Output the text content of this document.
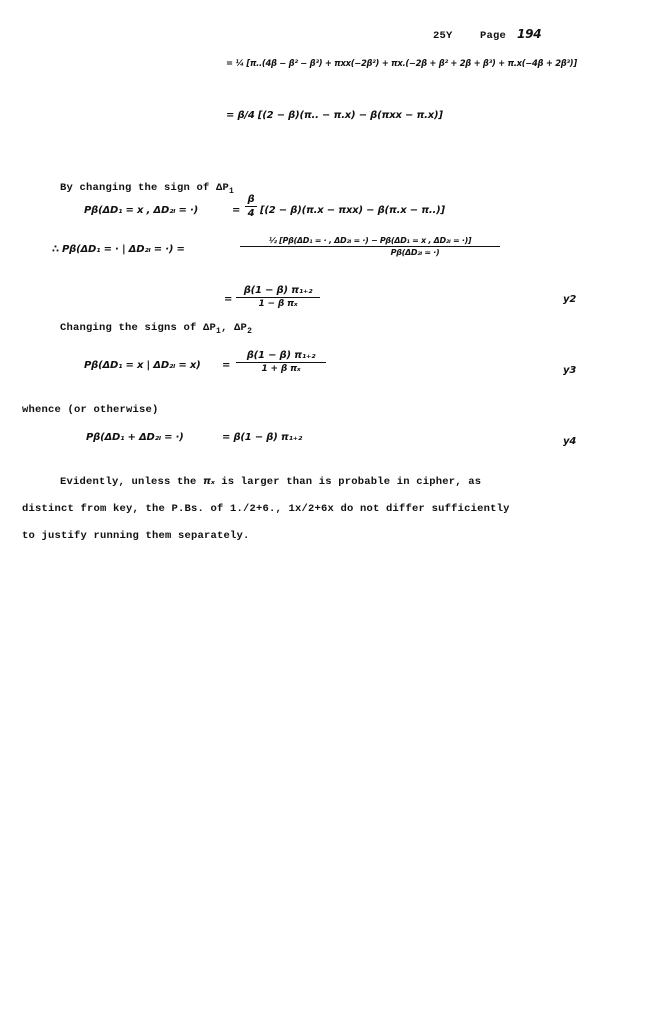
25Y	Page 194
= ¼ [π..(4β − β² − β³) + πxx(−2β²) + πx.(−2β + β² + 2β + β³) + π.x(−4β + 2β³)]
= β/4 [(2 − β)(π.. − π.x) − β(πxx − π.x)]
By changing the sign of $\Delta P_1$
Pβ(ΔD₁ = x , ΔD₂ₗ = ·)	=
β
4 [(2 − β)(π.x − πxx) − β(π.x − π..)]
∴ Pβ(ΔD₁ = · | ΔD₂ₗ = ·) =
½ [Pβ(ΔD₁ = · , ΔD₂ₗ = ·) − Pβ(ΔD₁ = x , ΔD₂ₗ = ·)]
Pβ(ΔD₂ₗ = ·)
=
β(1 − β) π₁₊₂
1 − β πₓ	y2
Changing the signs of $\Delta P_1$, $\Delta P_2$
Pβ(ΔD₁ = x | ΔD₂ₗ = x) =
β(1 − β) π₁₊₂
1 + β πₓ	y3
whence (or otherwise)
Pβ(ΔD₁ + ΔD₂ₗ = ·)	= β(1 − β) π₁₊₂	y4
Evidently, unless the πₓ is larger than is probable in cipher, as
distinct from key, the P.Bs. of 1./2+6., 1x/2+6x do not differ sufficiently
to justify running them separately.
